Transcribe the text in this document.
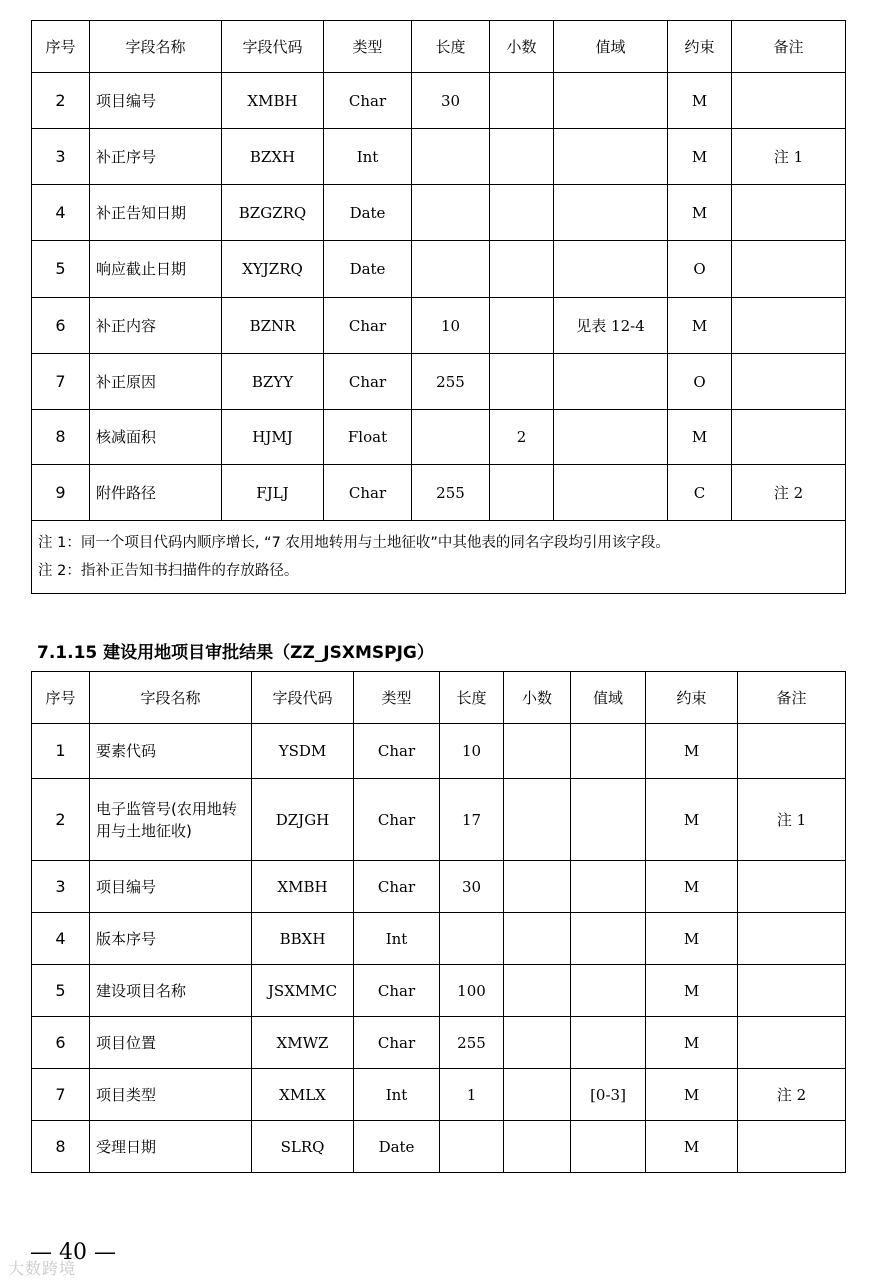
序号	字段名称	字段代码	类型	长度	小数	值域	约束	备注
2	项目编号	XMBH	Char	30			M	
3	补正序号	BZXH	Int				M	注 1
4	补正告知日期	BZGZRQ	Date				M	
5	响应截止日期	XYJZRQ	Date				O	
6	补正内容	BZNR	Char	10		见表 12-4	M	
7	补正原因	BZYY	Char	255			O	
8	核减面积	HJMJ	Float		2		M	
9	附件路径	FJLJ	Char	255			C	注 2

注 1：同一个项目代码内顺序增长, “7 农用地转用与土地征收”中其他表的同名字段均引用该字段。
注 2：指补正告知书扫描件的存放路径。								
7.1.15 建设用地项目审批结果（ZZ_JSXMSPJG）
序号	字段名称	字段代码	类型	长度	小数	值域	约束	备注
1	要素代码	YSDM	Char	10			M	
2	电子监管号(农用地转用与土地征收)	DZJGH	Char	17			M	注 1
3	项目编号	XMBH	Char	30			M	
4	版本序号	BBXH	Int				M	
5	建设项目名称	JSXMMC	Char	100			M	
6	项目位置	XMWZ	Char	255			M	
7	项目类型	XMLX	Int	1		[0-3]	M	注 2
8	受理日期	SLRQ	Date				M	
— 40 —
大数跨境
